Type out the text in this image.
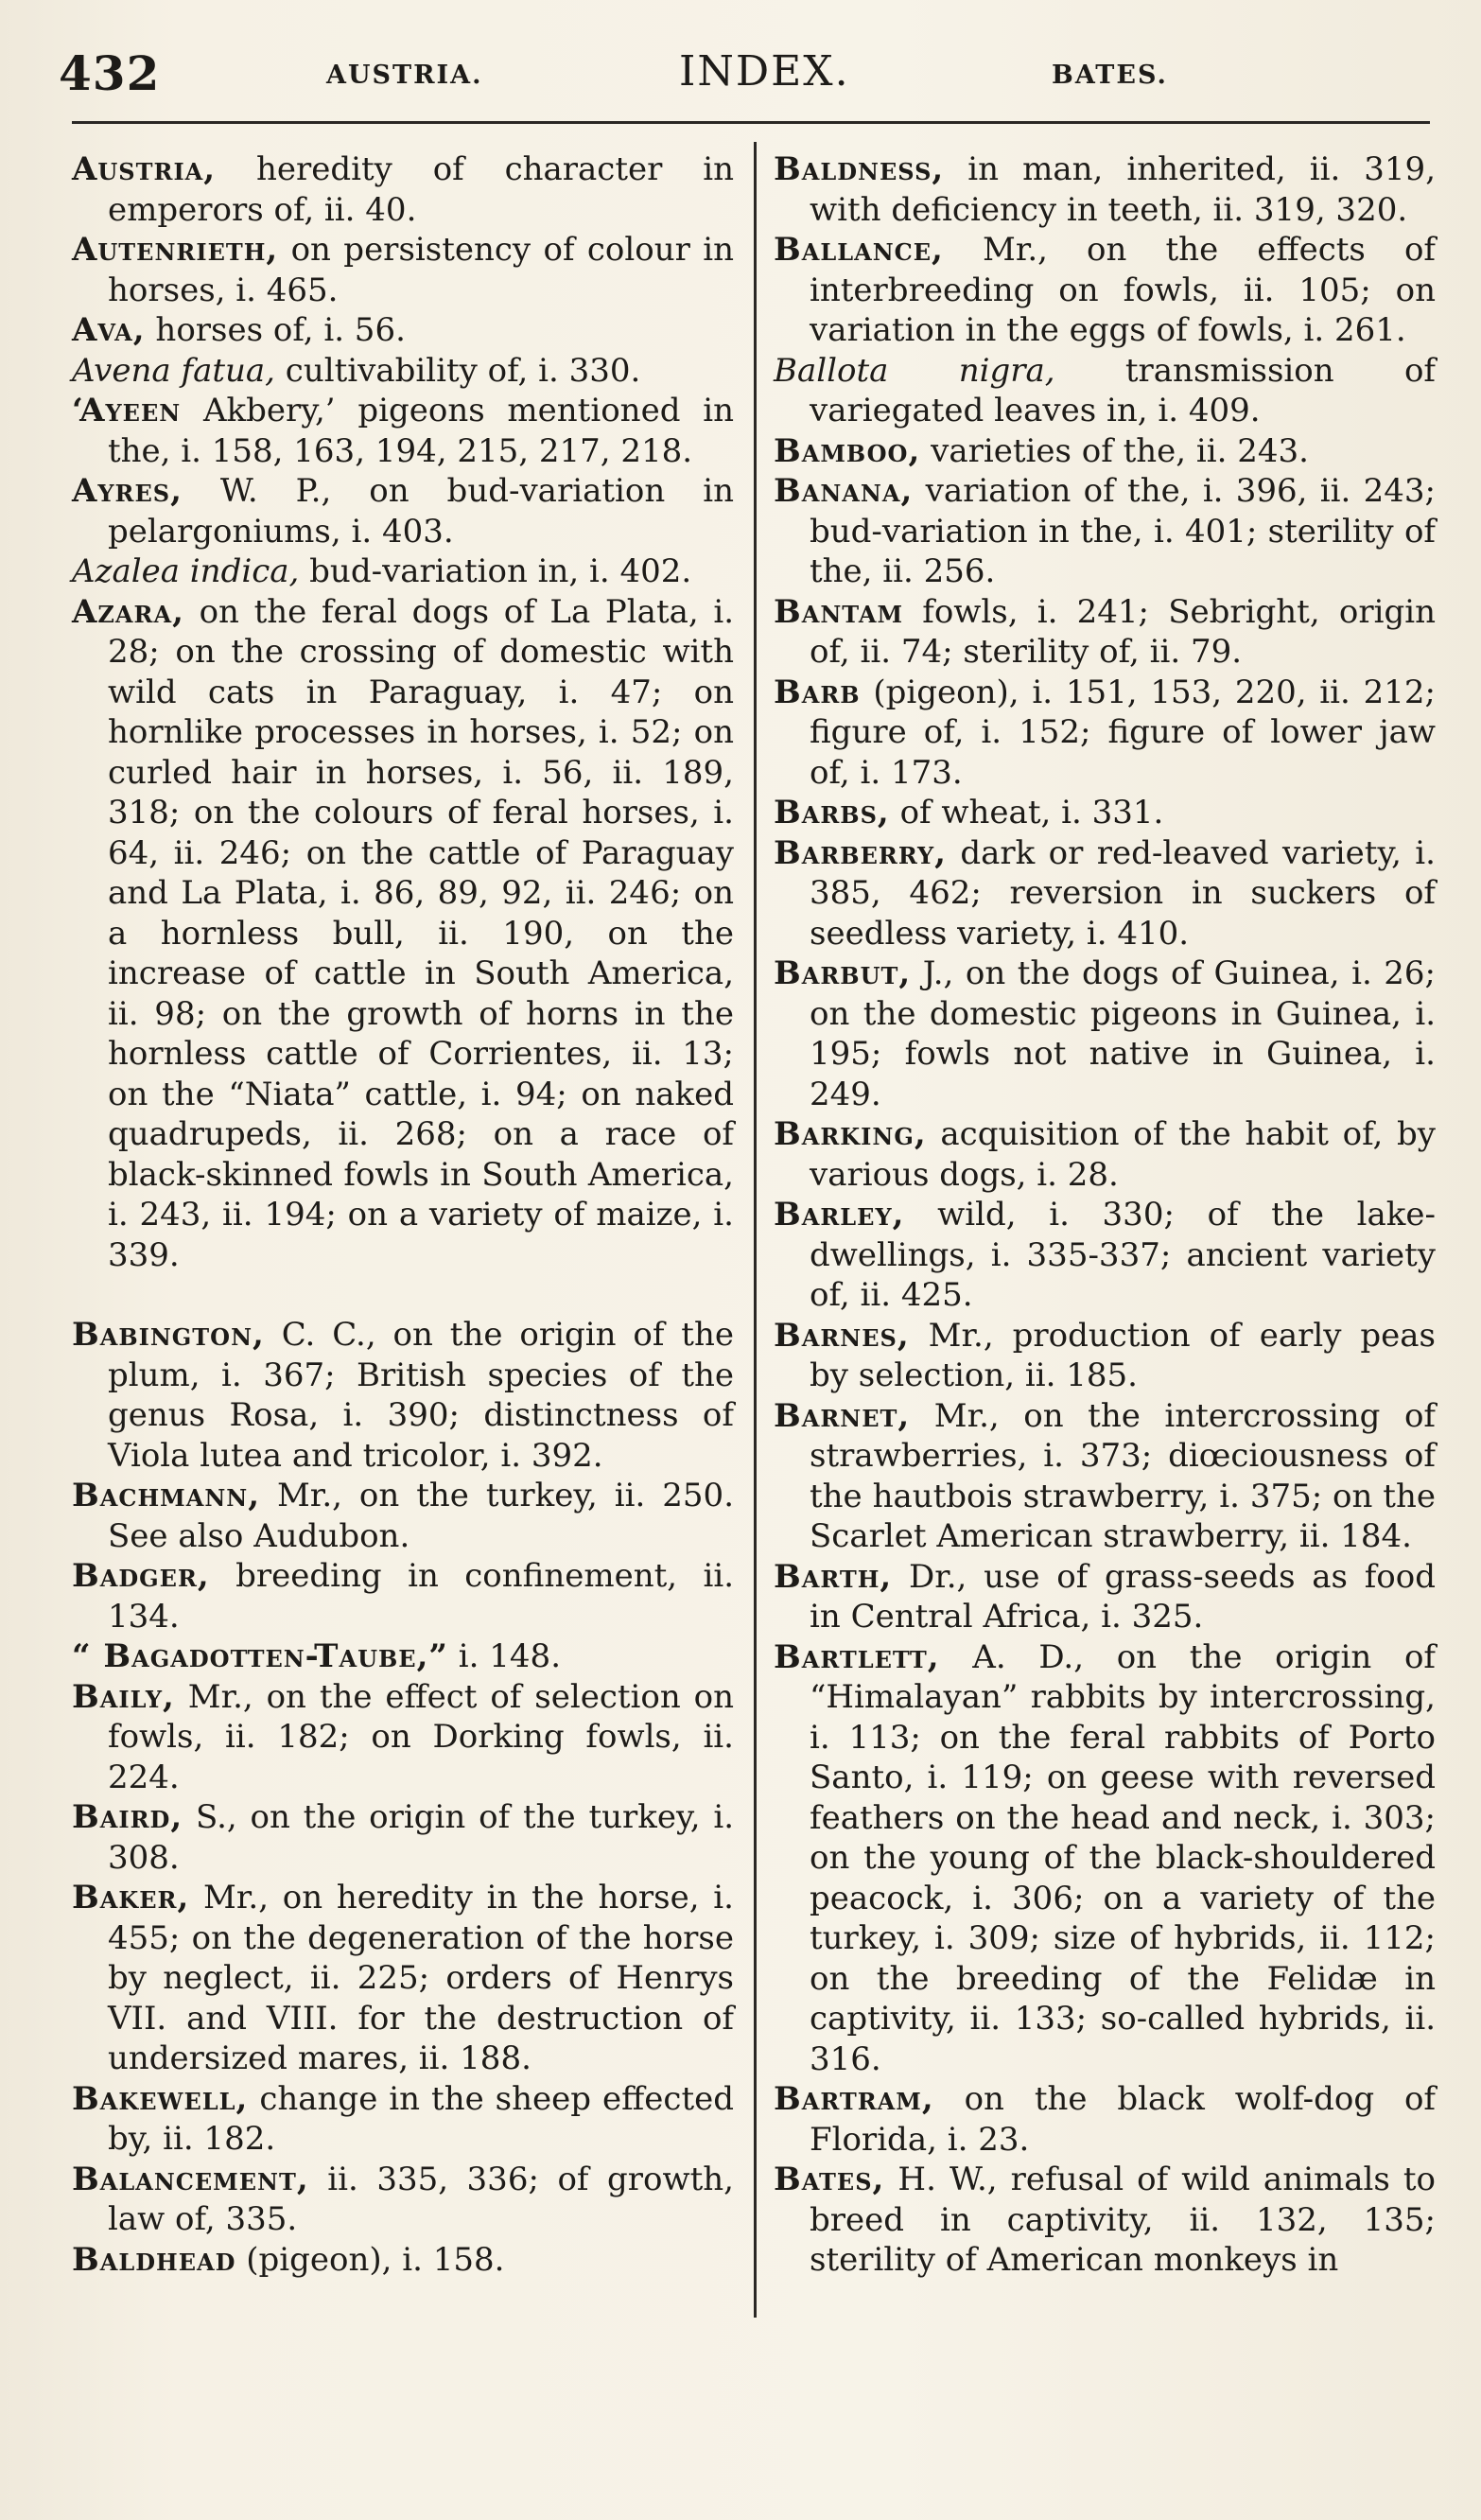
432	AUSTRIA.	INDEX.	BATES.

Austria, heredity of character in emperors of, ii. 40.

Autenrieth, on persistency of colour in horses, i. 465.

Ava, horses of, i. 56.

Avena fatua, cultivability of, i. 330.

‘Ayeen Akbery,’ pigeons mentioned in the, i. 158, 163, 194, 215, 217, 218.

Ayres, W. P., on bud-variation in pelargoniums, i. 403.

Azalea indica, bud-variation in, i. 402.

Azara, on the feral dogs of La Plata, i. 28; on the crossing of domestic with wild cats in Paraguay, i. 47; on hornlike processes in horses, i. 52; on curled hair in horses, i. 56, ii. 189, 318; on the colours of feral horses, i. 64, ii. 246; on the cattle of Paraguay and La Plata, i. 86, 89, 92, ii. 246; on a hornless bull, ii. 190, on the increase of cattle in South America, ii. 98; on the growth of horns in the hornless cattle of Corrientes, ii. 13; on the “Niata” cattle, i. 94; on naked quadrupeds, ii. 268; on a race of black-skinned fowls in South America, i. 243, ii. 194; on a variety of maize, i. 339.

Babington, C. C., on the origin of the plum, i. 367; British species of the genus Rosa, i. 390; distinctness of Viola lutea and tricolor, i. 392.

Bachmann, Mr., on the turkey, ii. 250. See also Audubon.

Badger, breeding in confinement, ii. 134.

“ Bagadotten-Taube,” i. 148.

Baily, Mr., on the effect of selection on fowls, ii. 182; on Dorking fowls, ii. 224.

Baird, S., on the origin of the turkey, i. 308.

Baker, Mr., on heredity in the horse, i. 455; on the degeneration of the horse by neglect, ii. 225; orders of Henrys VII. and VIII. for the destruction of undersized mares, ii. 188.

Bakewell, change in the sheep effected by, ii. 182.

Balancement, ii. 335, 336; of growth, law of, 335.

Baldhead (pigeon), i. 158.

Baldness, in man, inherited, ii. 319, with deficiency in teeth, ii. 319, 320.

Ballance, Mr., on the effects of interbreeding on fowls, ii. 105; on variation in the eggs of fowls, i. 261.

Ballota nigra, transmission of variegated leaves in, i. 409.

Bamboo, varieties of the, ii. 243.

Banana, variation of the, i. 396, ii. 243; bud-variation in the, i. 401; sterility of the, ii. 256.

Bantam fowls, i. 241; Sebright, origin of, ii. 74; sterility of, ii. 79.

Barb (pigeon), i. 151, 153, 220, ii. 212; figure of, i. 152; figure of lower jaw of, i. 173.

Barbs, of wheat, i. 331.

Barberry, dark or red-leaved variety, i. 385, 462; reversion in suckers of seedless variety, i. 410.

Barbut, J., on the dogs of Guinea, i. 26; on the domestic pigeons in Guinea, i. 195; fowls not native in Guinea, i. 249.

Barking, acquisition of the habit of, by various dogs, i. 28.

Barley, wild, i. 330; of the lake-dwellings, i. 335-337; ancient variety of, ii. 425.

Barnes, Mr., production of early peas by selection, ii. 185.

Barnet, Mr., on the intercrossing of strawberries, i. 373; diœciousness of the hautbois strawberry, i. 375; on the Scarlet American strawberry, ii. 184.

Barth, Dr., use of grass-seeds as food in Central Africa, i. 325.

Bartlett, A. D., on the origin of “Himalayan” rabbits by intercrossing, i. 113; on the feral rabbits of Porto Santo, i. 119; on geese with reversed feathers on the head and neck, i. 303; on the young of the black-shouldered peacock, i. 306; on a variety of the turkey, i. 309; size of hybrids, ii. 112; on the breeding of the Felidæ in captivity, ii. 133; so-called hybrids, ii. 316.

Bartram, on the black wolf-dog of Florida, i. 23.

Bates, H. W., refusal of wild animals to breed in captivity, ii. 132, 135; sterility of American monkeys in
